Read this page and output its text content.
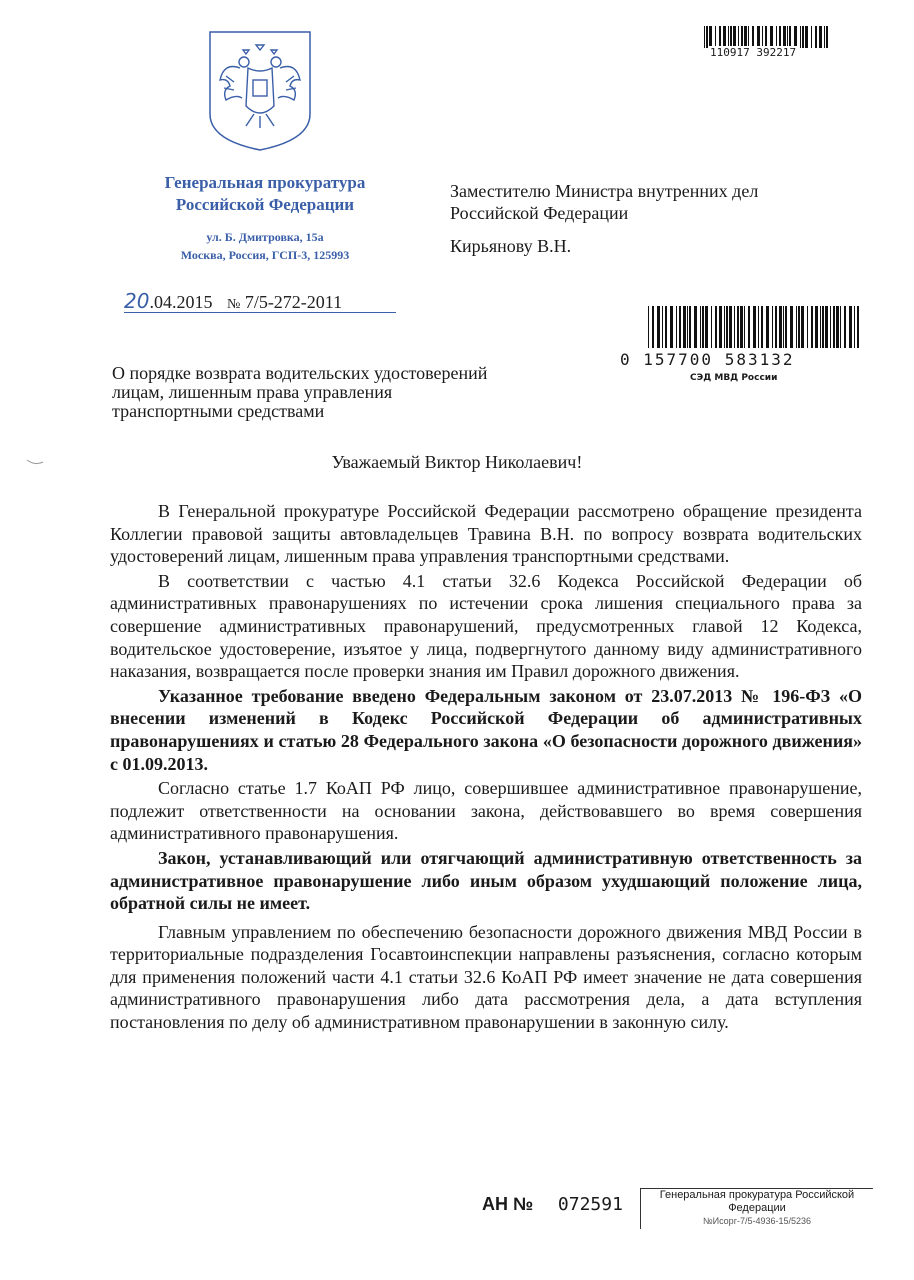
Генеральная прокуратура
Российской Федерации
ул. Б. Дмитровка, 15а
Москва, Россия, ГСП-3, 125993
20.04.2015 № 7/5-272-2011
110917 392217
Заместителю Министра внутренних дел
Российской Федерации
Кирьянову В.Н.
0 157700 583132
СЭД МВД России
О порядке возврата водительских удостоверений
лицам, лишенным права управления
транспортными средствами
Уважаемый Виктор Николаевич!

В Генеральной прокуратуре Российской Федерации рассмотрено обращение президента Коллегии правовой защиты автовладельцев Травина В.Н. по вопросу возврата водительских удостоверений лицам, лишенным права управления транспортными средствами.

В соответствии с частью 4.1 статьи 32.6 Кодекса Российской Федерации об административных правонарушениях по истечении срока лишения специального права за совершение административных правонарушений, предусмотренных главой 12 Кодекса, водительское удостоверение, изъятое у лица, подвергнутого данному виду административного наказания, возвращается после проверки знания им Правил дорожного движения.

Указанное требование введено Федеральным законом от 23.07.2013 № 196-ФЗ «О внесении изменений в Кодекс Российской Федерации об административных правонарушениях и статью 28 Федерального закона «О безопасности дорожного движения» с 01.09.2013.

Согласно статье 1.7 КоАП РФ лицо, совершившее административное правонарушение, подлежит ответственности на основании закона, действовавшего во время совершения административного правонарушения.

Закон, устанавливающий или отягчающий административную ответственность за административное правонарушение либо иным образом ухудшающий положение лица, обратной силы не имеет.

Главным управлением по обеспечению безопасности дорожного движения МВД России в территориальные подразделения Госавтоинспекции направлены разъяснения, согласно которым для применения положений части 4.1 статьи 32.6 КоАП РФ имеет значение не дата совершения административного правонарушения либо дата рассмотрения дела, а дата вступления постановления по делу об административном правонарушении в законную силу.

АН № 072591	Генеральная прокуратура Российской
Федерации
№Исорг-7/5-4936-15/5236
